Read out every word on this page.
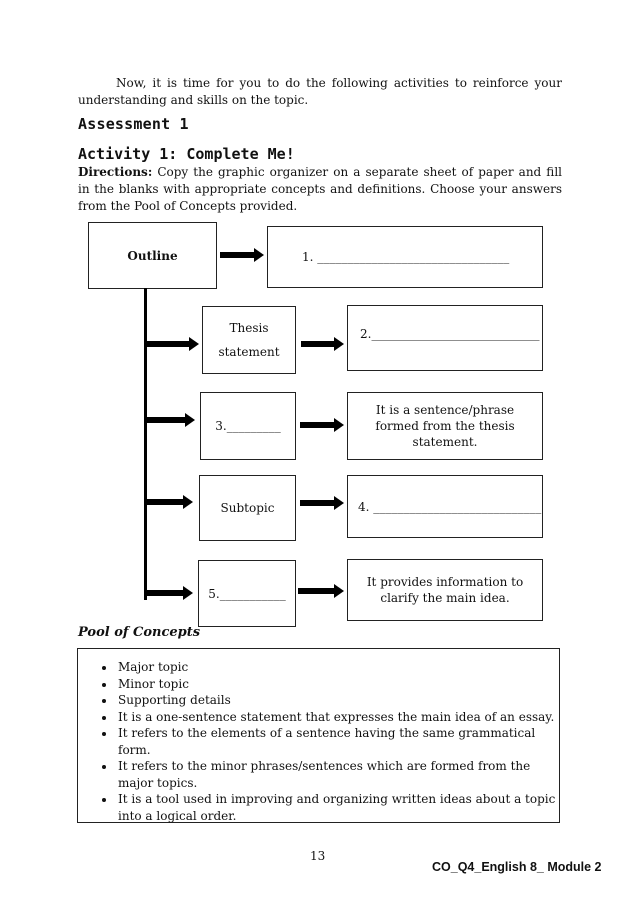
Now, it is time for you to do the following activities to reinforce your understanding and skills on the topic.
Assessment 1
Activity 1: Complete Me!
Directions: Copy the graphic organizer on a separate sheet of paper and fill in the blanks with appropriate concepts and definitions. Choose your answers from the Pool of Concepts provided.
Outline	1. ________________________________
Thesis
statement
2.____________________________
3._________
It is a sentence/phrase formed from the thesis statement.
Subtopic	4. ____________________________
5.___________
It provides information to clarify the main idea.
Pool of Concepts
• Major topic
• Minor topic
• Supporting details
• It is a one-sentence statement that expresses the main idea of an essay.
• It refers to the elements of a sentence having the same grammatical form.
• It refers to the minor phrases/sentences which are formed from the major topics.
• It is a tool used in improving and organizing written ideas about a topic into a logical order.
13
CO_Q4_English 8_ Module 2
